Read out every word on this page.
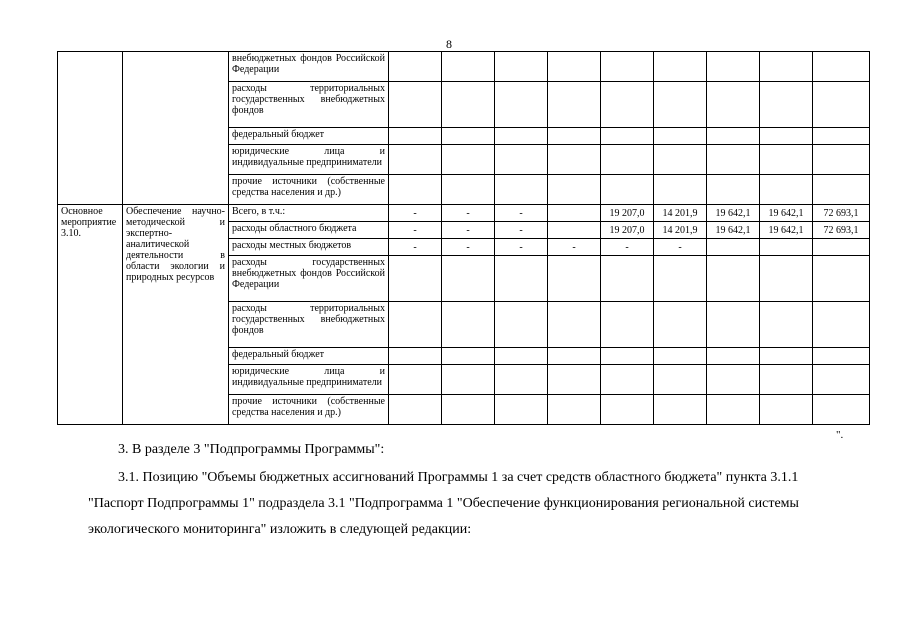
8
		внебюджетных фондов Российской Федерации									
		расходы территориальных государственных внебюджетных фондов									
		федеральный бюджет									
		юридические лица и индивидуальные предприниматели									
		прочие источники (собственные средства населения и др.)									
Основное мероприятие 3.10.	Обеспечение научно-методической и экспертно-аналитической деятельности в области экологии и природных ресурсов	Всего, в т.ч.:	-	-	-		19 207,0	14 201,9	19 642,1	19 642,1	72 693,1
		расходы областного бюджета	-	-	-		19 207,0	14 201,9	19 642,1	19 642,1	72 693,1
		расходы местных бюджетов	-	-	-	-	-	-			
		расходы государственных внебюджетных фондов Российской Федерации									
		расходы территориальных государственных внебюджетных фондов									
		федеральный бюджет									
		юридические лица и индивидуальные предприниматели									
		прочие источники (собственные средства населения и др.)									
".
3. В разделе 3 "Подпрограммы Программы":
3.1. Позицию "Объемы бюджетных ассигнований Программы 1 за счет средств областного бюджета" пункта 3.1.1
"Паспорт Подпрограммы 1" подраздела 3.1 "Подпрограмма 1 "Обеспечение функционирования региональной системы
экологического мониторинга" изложить в следующей редакции:
